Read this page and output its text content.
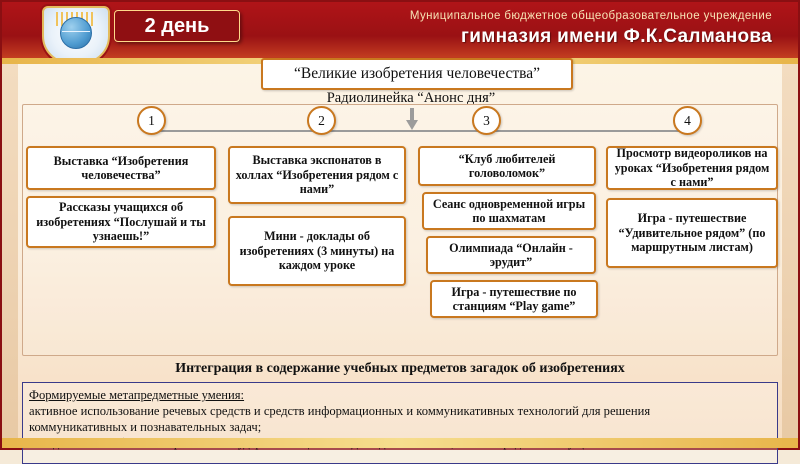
2 день	Муниципальное бюджетное общеобразовательное учреждение
гимназия имени Ф.К.Салманова
“Великие изобретения человечества”
Радиолинейка “Анонс дня”
1	2	3	4
Выставка “Изобретения человечества”
Рассказы учащихся об изобретениях “Послушай и ты узнаешь!”
Выставка экспонатов в холлах “Изобретения рядом с нами”
Мини - доклады об изобретениях (3 минуты) на каждом уроке
“Клуб любителей головоломок”
Сеанс одновременной игры по шахматам
Олимпиада “Онлайн - эрудит”
Игра - путешествие по станциям “Play game”
Просмотр видеороликов на уроках “Изобретения рядом с нами”
Игра - путешествие “Удивительное рядом” (по маршрутным листам)
Интеграция в содержание учебных предметов загадок об изобретениях
Формируемые метапредметные умения:
активное использование речевых средств и средств информационных и коммуникативных технологий для решения
коммуникативных и познавательных задач;
